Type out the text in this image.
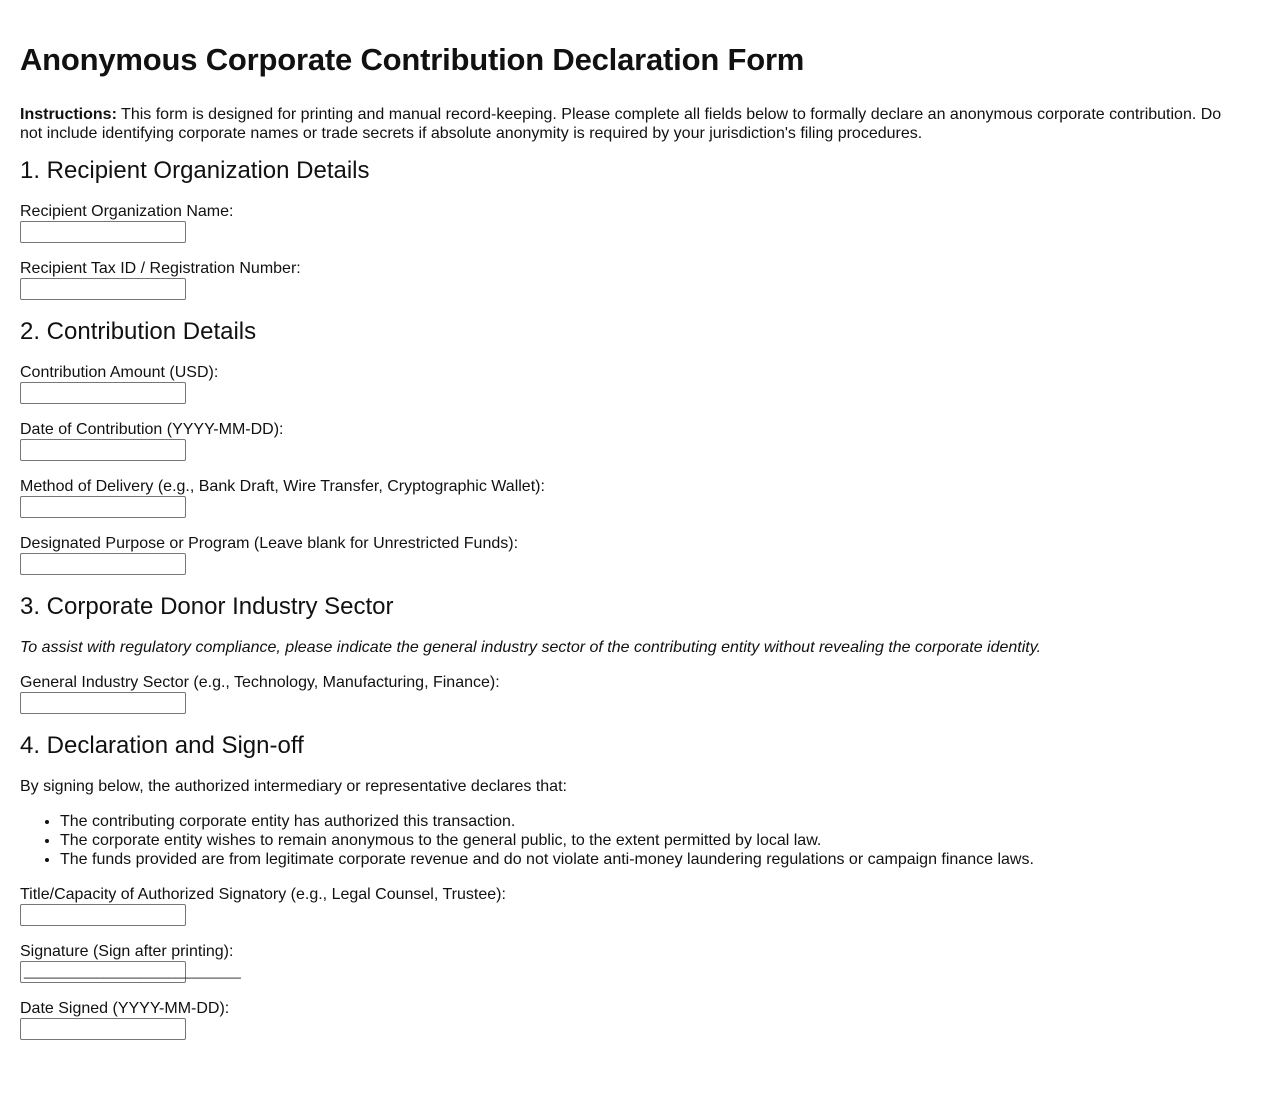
Anonymous Corporate Contribution Declaration Form

Instructions: This form is designed for printing and manual record-keeping. Please complete all fields below to formally declare an anonymous corporate contribution. Do not include identifying corporate names or trade secrets if absolute anonymity is required by your jurisdiction's filing procedures.

1. Recipient Organization Details
Recipient Organization Name:
Recipient Tax ID / Registration Number:
2. Contribution Details
Contribution Amount (USD):
Date of Contribution (YYYY-MM-DD):
Method of Delivery (e.g., Bank Draft, Wire Transfer, Cryptographic Wallet):
Designated Purpose or Program (Leave blank for Unrestricted Funds):
3. Corporate Donor Industry Sector

To assist with regulatory compliance, please indicate the general industry sector of the contributing entity without revealing the corporate identity.

General Industry Sector (e.g., Technology, Manufacturing, Finance):
4. Declaration and Sign-off

By signing below, the authorized intermediary or representative declares that:

• The contributing corporate entity has authorized this transaction.
• The corporate entity wishes to remain anonymous to the general public, to the extent permitted by local law.
• The funds provided are from legitimate corporate revenue and do not violate anti-money laundering regulations or campaign finance laws.
Title/Capacity of Authorized Signatory (e.g., Legal Counsel, Trustee):
Signature (Sign after printing):
______________________________
Date Signed (YYYY-MM-DD):
